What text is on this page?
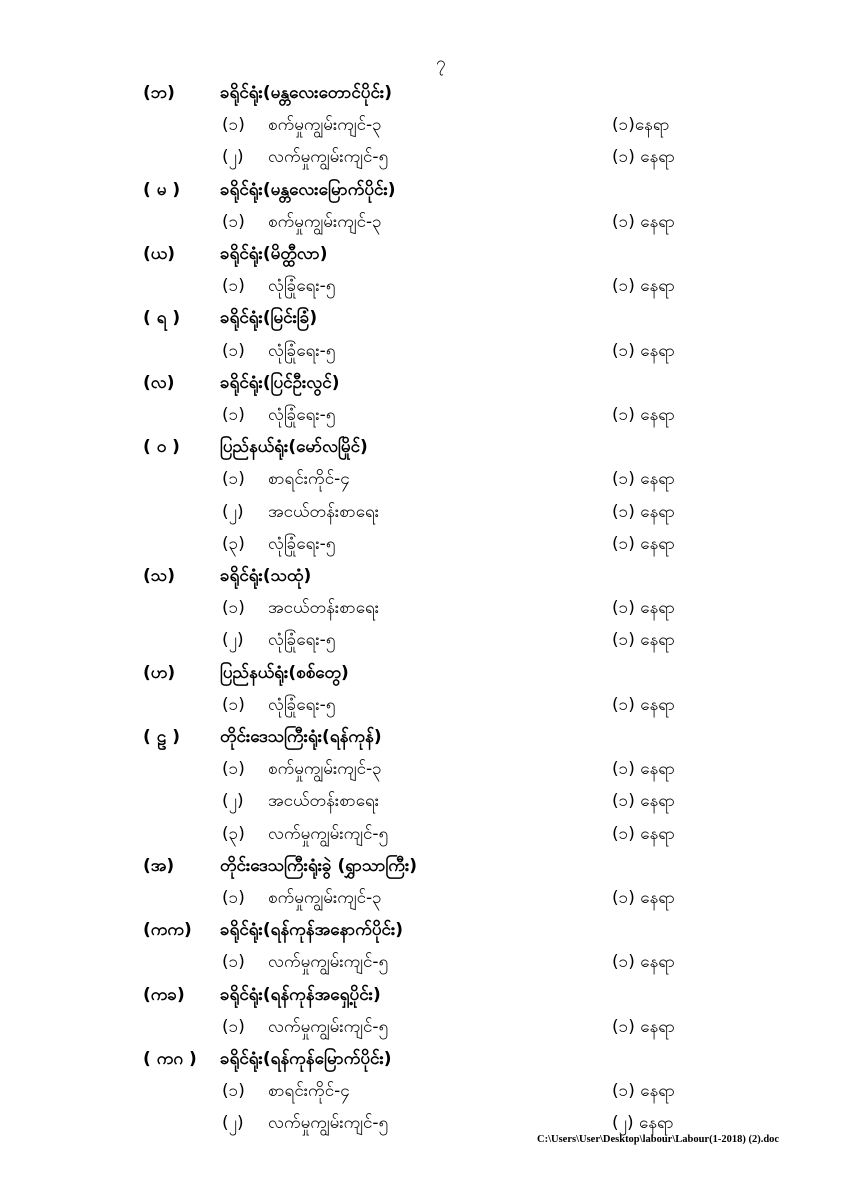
၇
(ဘ)	ခရိုင်ရုံး(မန္တလေးတောင်ပိုင်း)
(၁) စက်မှုကျွမ်းကျင်-၃	(၁)နေရာ
(၂) လက်မှုကျွမ်းကျင်-၅	(၁) နေရာ
( မ ) ခရိုင်ရုံး(မန္တလေးမြောက်ပိုင်း)
(၁) စက်မှုကျွမ်းကျင်-၃	(၁) နေရာ
(ယ)	ခရိုင်ရုံး(မိတ္ထီလာ)
(၁) လုံခြုံရေး-၅	(၁) နေရာ
( ရ ) ခရိုင်ရုံး(မြင်းခြံ)
(၁) လုံခြုံရေး-၅	(၁) နေရာ
(လ)	ခရိုင်ရုံး(ပြင်ဦးလွင်)
(၁) လုံခြုံရေး-၅	(၁) နေရာ
( ဝ ) ပြည်နယ်ရုံး(မော်လမြိုင်)
(၁) စာရင်းကိုင်-၄	(၁) နေရာ
(၂) အငယ်တန်းစာရေး	(၁) နေရာ
(၃) လုံခြုံရေး-၅	(၁) နေရာ
(သ)	ခရိုင်ရုံး(သထုံ)
(၁) အငယ်တန်းစာရေး	(၁) နေရာ
(၂) လုံခြုံရေး-၅	(၁) နေရာ
(ဟ)	ပြည်နယ်ရုံး(စစ်တွေ)
(၁) လုံခြုံရေး-၅	(၁) နေရာ
( ဠ ) တိုင်းဒေသကြီးရုံး(ရန်ကုန်)
(၁) စက်မှုကျွမ်းကျင်-၃	(၁) နေရာ
(၂) အငယ်တန်းစာရေး	(၁) နေရာ
(၃) လက်မှုကျွမ်းကျင်-၅	(၁) နေရာ
(အ)	တိုင်းဒေသကြီးရုံးခွဲ (ရွှာသာကြီး)
(၁) စက်မှုကျွမ်းကျင်-၃	(၁) နေရာ
(ကက) ခရိုင်ရုံး(ရန်ကုန်အနောက်ပိုင်း)
(၁) လက်မှုကျွမ်းကျင်-၅	(၁) နေရာ
(ကခ) ခရိုင်ရုံး(ရန်ကုန်အရှေ့ပိုင်း)
(၁) လက်မှုကျွမ်းကျင်-၅	(၁) နေရာ
( ကဂ ) ခရိုင်ရုံး(ရန်ကုန်မြောက်ပိုင်း)
(၁) စာရင်းကိုင်-၄	(၁) နေရာ
(၂) လက်မှုကျွမ်းကျင်-၅	(၂) နေရာ
C:\Users\User\Desktop\labour\Labour(1-2018) (2).doc
